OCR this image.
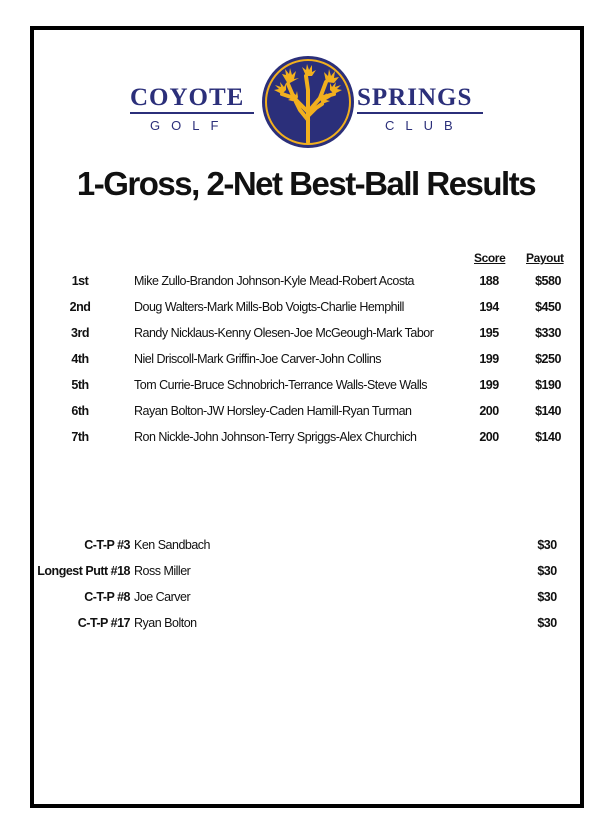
COYOTE
GOLF
SPRINGS
CLUB
1-Gross, 2-Net Best-Ball Results
Score Payout
1st	Mike Zullo-Brandon Johnson-Kyle Mead-Robert Acosta	188	$580
2nd	Doug Walters-Mark Mills-Bob Voigts-Charlie Hemphill	194	$450
3rd	Randy Nicklaus-Kenny Olesen-Joe McGeough-Mark Tabor	195	$330
4th	Niel Driscoll-Mark Griffin-Joe Carver-John Collins	199	$250
5th	Tom Currie-Bruce Schnobrich-Terrance Walls-Steve Walls	199	$190
6th	Rayan Bolton-JW Horsley-Caden Hamill-Ryan Turman	200	$140
7th	Ron Nickle-John Johnson-Terry Spriggs-Alex Churchich	200	$140
C-T-P #3 Ken Sandbach	$30
Longest Putt #18 Ross Miller	$30
C-T-P #8 Joe Carver	$30
C-T-P #17 Ryan Bolton	$30
